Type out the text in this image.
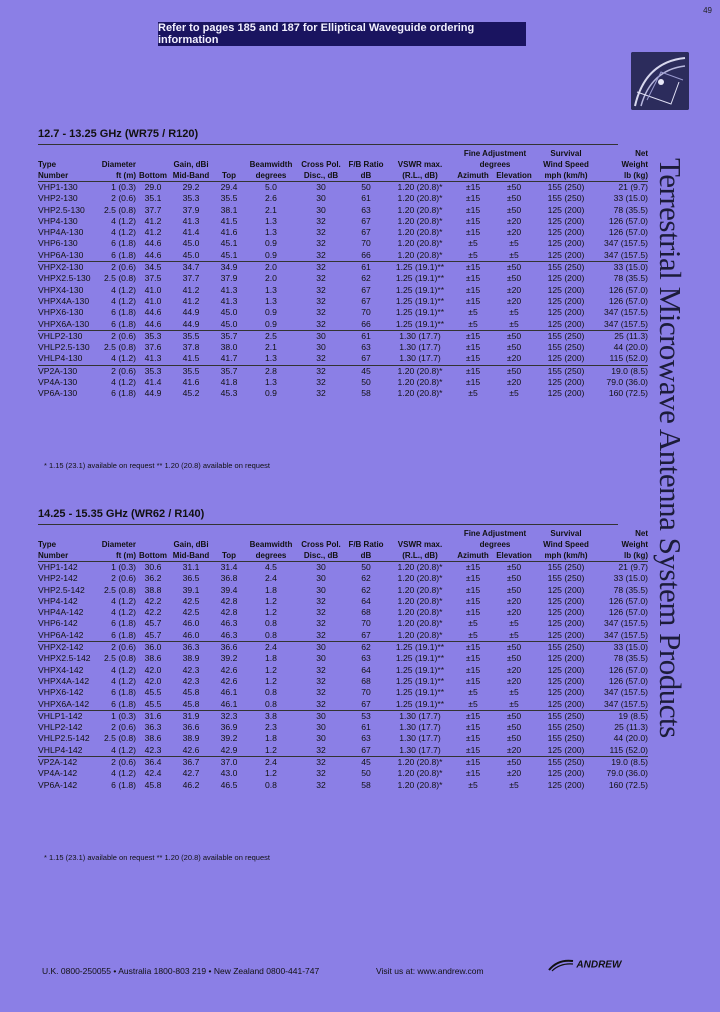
49
Refer to pages 185 and 187 for Elliptical Waveguide ordering information
Terrestrial Microwave Antenna System Products
12.7 - 13.25 GHz (WR75 / R120)
									Fine Adjustment		Survival	Net
Type	Diameter		Gain, dBi		Beamwidth	Cross Pol.	F/B Ratio	VSWR max.	degrees		Wind Speed	Weight
Number	ft (m)	Bottom	Mid-Band	Top	degrees	Disc., dB	dB	(R.L., dB)	Azimuth	Elevation	mph (km/h)	lb (kg)
VHP1-130	1 (0.3)	29.0	29.2	29.4	5.0	30	50	1.20 (20.8)*	±15	±50	155 (250)	21 (9.7)
VHP2-130	2 (0.6)	35.1	35.3	35.5	2.6	30	61	1.20 (20.8)*	±15	±50	155 (250)	33 (15.0)
VHP2.5-130	2.5 (0.8)	37.7	37.9	38.1	2.1	30	63	1.20 (20.8)*	±15	±50	125 (200)	78 (35.5)
VHP4-130	4 (1.2)	41.2	41.3	41.5	1.3	32	67	1.20 (20.8)*	±15	±20	125 (200)	126 (57.0)
VHP4A-130	4 (1.2)	41.2	41.4	41.6	1.3	32	67	1.20 (20.8)*	±15	±20	125 (200)	126 (57.0)
VHP6-130	6 (1.8)	44.6	45.0	45.1	0.9	32	70	1.20 (20.8)*	±5	±5	125 (200)	347 (157.5)
VHP6A-130	6 (1.8)	44.6	45.0	45.1	0.9	32	66	1.20 (20.8)*	±5	±5	125 (200)	347 (157.5)
VHPX2-130	2 (0.6)	34.5	34.7	34.9	2.0	32	61	1.25 (19.1)**	±15	±50	155 (250)	33 (15.0)
VHPX2.5-130	2.5 (0.8)	37.5	37.7	37.9	2.0	32	62	1.25 (19.1)**	±15	±50	125 (200)	78 (35.5)
VHPX4-130	4 (1.2)	41.0	41.2	41.3	1.3	32	67	1.25 (19.1)**	±15	±20	125 (200)	126 (57.0)
VHPX4A-130	4 (1.2)	41.0	41.2	41.3	1.3	32	67	1.25 (19.1)**	±15	±20	125 (200)	126 (57.0)
VHPX6-130	6 (1.8)	44.6	44.9	45.0	0.9	32	70	1.25 (19.1)**	±5	±5	125 (200)	347 (157.5)
VHPX6A-130	6 (1.8)	44.6	44.9	45.0	0.9	32	66	1.25 (19.1)**	±5	±5	125 (200)	347 (157.5)
VHLP2-130	2 (0.6)	35.3	35.5	35.7	2.5	30	61	1.30 (17.7)	±15	±50	155 (250)	25 (11.3)
VHLP2.5-130	2.5 (0.8)	37.6	37.8	38.0	2.1	30	63	1.30 (17.7)	±15	±50	155 (250)	44 (20.0)
VHLP4-130	4 (1.2)	41.3	41.5	41.7	1.3	32	67	1.30 (17.7)	±15	±20	125 (200)	115 (52.0)
VP2A-130	2 (0.6)	35.3	35.5	35.7	2.8	32	45	1.20 (20.8)*	±15	±50	155 (250)	19.0 (8.5)
VP4A-130	4 (1.2)	41.4	41.6	41.8	1.3	32	50	1.20 (20.8)*	±15	±20	125 (200)	79.0 (36.0)
VP6A-130	6 (1.8)	44.9	45.2	45.3	0.9	32	58	1.20 (20.8)*	±5	±5	125 (200)	160 (72.5)
* 1.15 (23.1) available on request ** 1.20 (20.8) available on request
14.25 - 15.35 GHz (WR62 / R140)
									Fine Adjustment		Survival	Net
Type	Diameter		Gain, dBi		Beamwidth	Cross Pol.	F/B Ratio	VSWR max.	degrees		Wind Speed	Weight
Number	ft (m)	Bottom	Mid-Band	Top	degrees	Disc., dB	dB	(R.L., dB)	Azimuth	Elevation	mph (km/h)	lb (kg)
VHP1-142	1 (0.3)	30.6	31.1	31.4	4.5	30	50	1.20 (20.8)*	±15	±50	155 (250)	21 (9.7)
VHP2-142	2 (0.6)	36.2	36.5	36.8	2.4	30	62	1.20 (20.8)*	±15	±50	155 (250)	33 (15.0)
VHP2.5-142	2.5 (0.8)	38.8	39.1	39.4	1.8	30	62	1.20 (20.8)*	±15	±50	125 (200)	78 (35.5)
VHP4-142	4 (1.2)	42.2	42.5	42.8	1.2	32	64	1.20 (20.8)*	±15	±20	125 (200)	126 (57.0)
VHP4A-142	4 (1.2)	42.2	42.5	42.8	1.2	32	68	1.20 (20.8)*	±15	±20	125 (200)	126 (57.0)
VHP6-142	6 (1.8)	45.7	46.0	46.3	0.8	32	70	1.20 (20.8)*	±5	±5	125 (200)	347 (157.5)
VHP6A-142	6 (1.8)	45.7	46.0	46.3	0.8	32	67	1.20 (20.8)*	±5	±5	125 (200)	347 (157.5)
VHPX2-142	2 (0.6)	36.0	36.3	36.6	2.4	30	62	1.25 (19.1)**	±15	±50	155 (250)	33 (15.0)
VHPX2.5-142	2.5 (0.8)	38.6	38.9	39.2	1.8	30	63	1.25 (19.1)**	±15	±50	125 (200)	78 (35.5)
VHPX4-142	4 (1.2)	42.0	42.3	42.6	1.2	32	64	1.25 (19.1)**	±15	±20	125 (200)	126 (57.0)
VHPX4A-142	4 (1.2)	42.0	42.3	42.6	1.2	32	68	1.25 (19.1)**	±15	±20	125 (200)	126 (57.0)
VHPX6-142	6 (1.8)	45.5	45.8	46.1	0.8	32	70	1.25 (19.1)**	±5	±5	125 (200)	347 (157.5)
VHPX6A-142	6 (1.8)	45.5	45.8	46.1	0.8	32	67	1.25 (19.1)**	±5	±5	125 (200)	347 (157.5)
VHLP1-142	1 (0.3)	31.6	31.9	32.3	3.8	30	53	1.30 (17.7)	±15	±50	155 (250)	19 (8.5)
VHLP2-142	2 (0.6)	36.3	36.6	36.9	2.3	30	61	1.30 (17.7)	±15	±50	155 (250)	25 (11.3)
VHLP2.5-142	2.5 (0.8)	38.6	38.9	39.2	1.8	30	63	1.30 (17.7)	±15	±50	155 (250)	44 (20.0)
VHLP4-142	4 (1.2)	42.3	42.6	42.9	1.2	32	67	1.30 (17.7)	±15	±20	125 (200)	115 (52.0)
VP2A-142	2 (0.6)	36.4	36.7	37.0	2.4	32	45	1.20 (20.8)*	±15	±50	155 (250)	19.0 (8.5)
VP4A-142	4 (1.2)	42.4	42.7	43.0	1.2	32	50	1.20 (20.8)*	±15	±20	125 (200)	79.0 (36.0)
VP6A-142	6 (1.8)	45.8	46.2	46.5	0.8	32	58	1.20 (20.8)*	±5	±5	125 (200)	160 (72.5)
* 1.15 (23.1) available on request ** 1.20 (20.8) available on request
U.K. 0800-250055 • Australia 1800-803 219 • New Zealand 0800-441-747	Visit us at: www.andrew.com
ANDREW
